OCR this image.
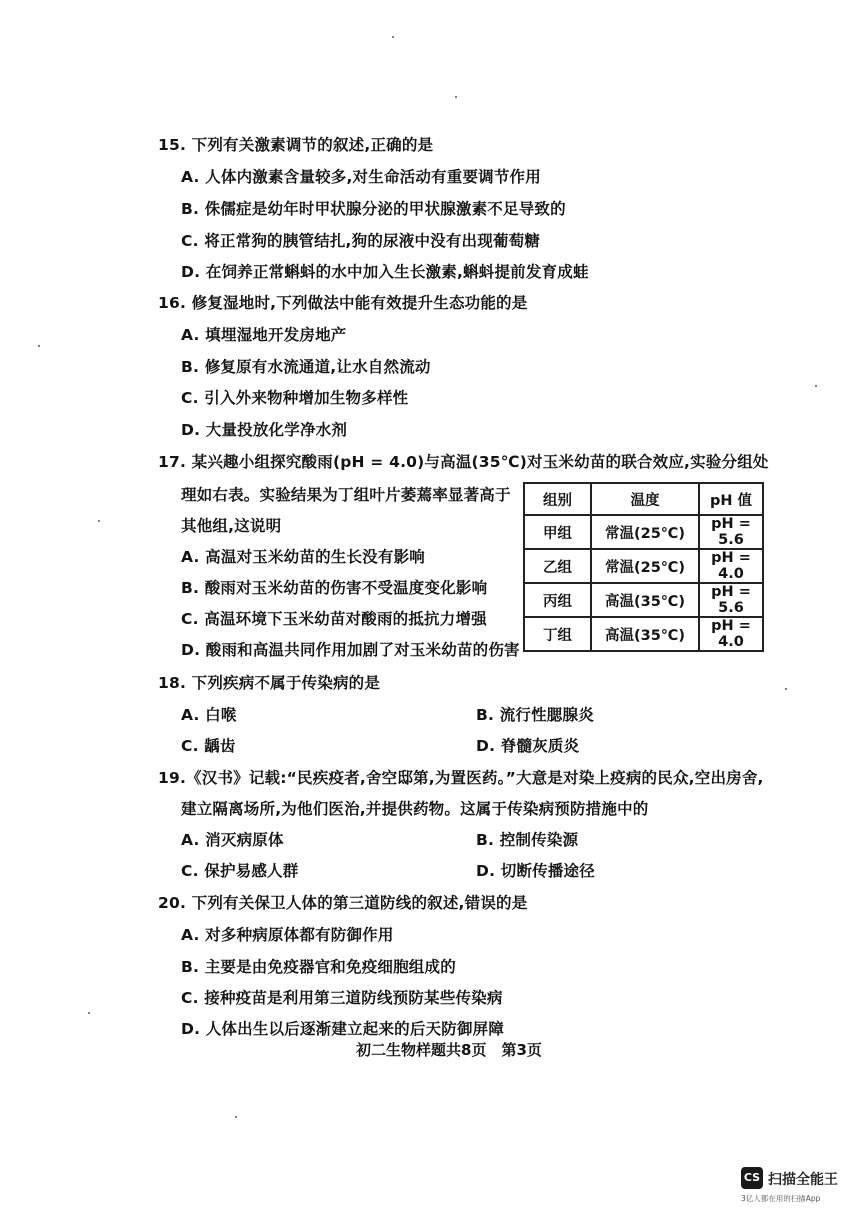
15. 下列有关激素调节的叙述,正确的是
A. 人体内激素含量较多,对生命活动有重要调节作用
B. 侏儒症是幼年时甲状腺分泌的甲状腺激素不足导致的
C. 将正常狗的胰管结扎,狗的尿液中没有出现葡萄糖
D. 在饲养正常蝌蚪的水中加入生长激素,蝌蚪提前发育成蛙
16. 修复湿地时,下列做法中能有效提升生态功能的是
A. 填埋湿地开发房地产
B. 修复原有水流通道,让水自然流动
C. 引入外来物种增加生物多样性
D. 大量投放化学净水剂
17. 某兴趣小组探究酸雨(pH = 4.0)与高温(35℃)对玉米幼苗的联合效应,实验分组处
理如右表。实验结果为丁组叶片萎蔫率显著高于
其他组,这说明
A. 高温对玉米幼苗的生长没有影响
B. 酸雨对玉米幼苗的伤害不受温度变化影响
C. 高温环境下玉米幼苗对酸雨的抵抗力增强
D. 酸雨和高温共同作用加剧了对玉米幼苗的伤害
组别	温度	pH 值
甲组	常温(25℃)	pH = 5.6
乙组	常温(25℃)	pH = 4.0
丙组	高温(35℃)	pH = 5.6
丁组	高温(35℃)	pH = 4.0
18. 下列疾病不属于传染病的是
A. 白喉	B. 流行性腮腺炎
C. 龋齿	D. 脊髓灰质炎
19.《汉书》记载:“民疾疫者,舍空邸第,为置医药。”大意是对染上疫病的民众,空出房舍,
建立隔离场所,为他们医治,并提供药物。这属于传染病预防措施中的
A. 消灭病原体	B. 控制传染源
C. 保护易感人群	D. 切断传播途径
20. 下列有关保卫人体的第三道防线的叙述,错误的是
A. 对多种病原体都有防御作用
B. 主要是由免疫器官和免疫细胞组成的
C. 接种疫苗是利用第三道防线预防某些传染病
D. 人体出生以后逐渐建立起来的后天防御屏障
初二生物样题共8页　第3页
CS 扫描全能王
3亿人都在用的扫描App
